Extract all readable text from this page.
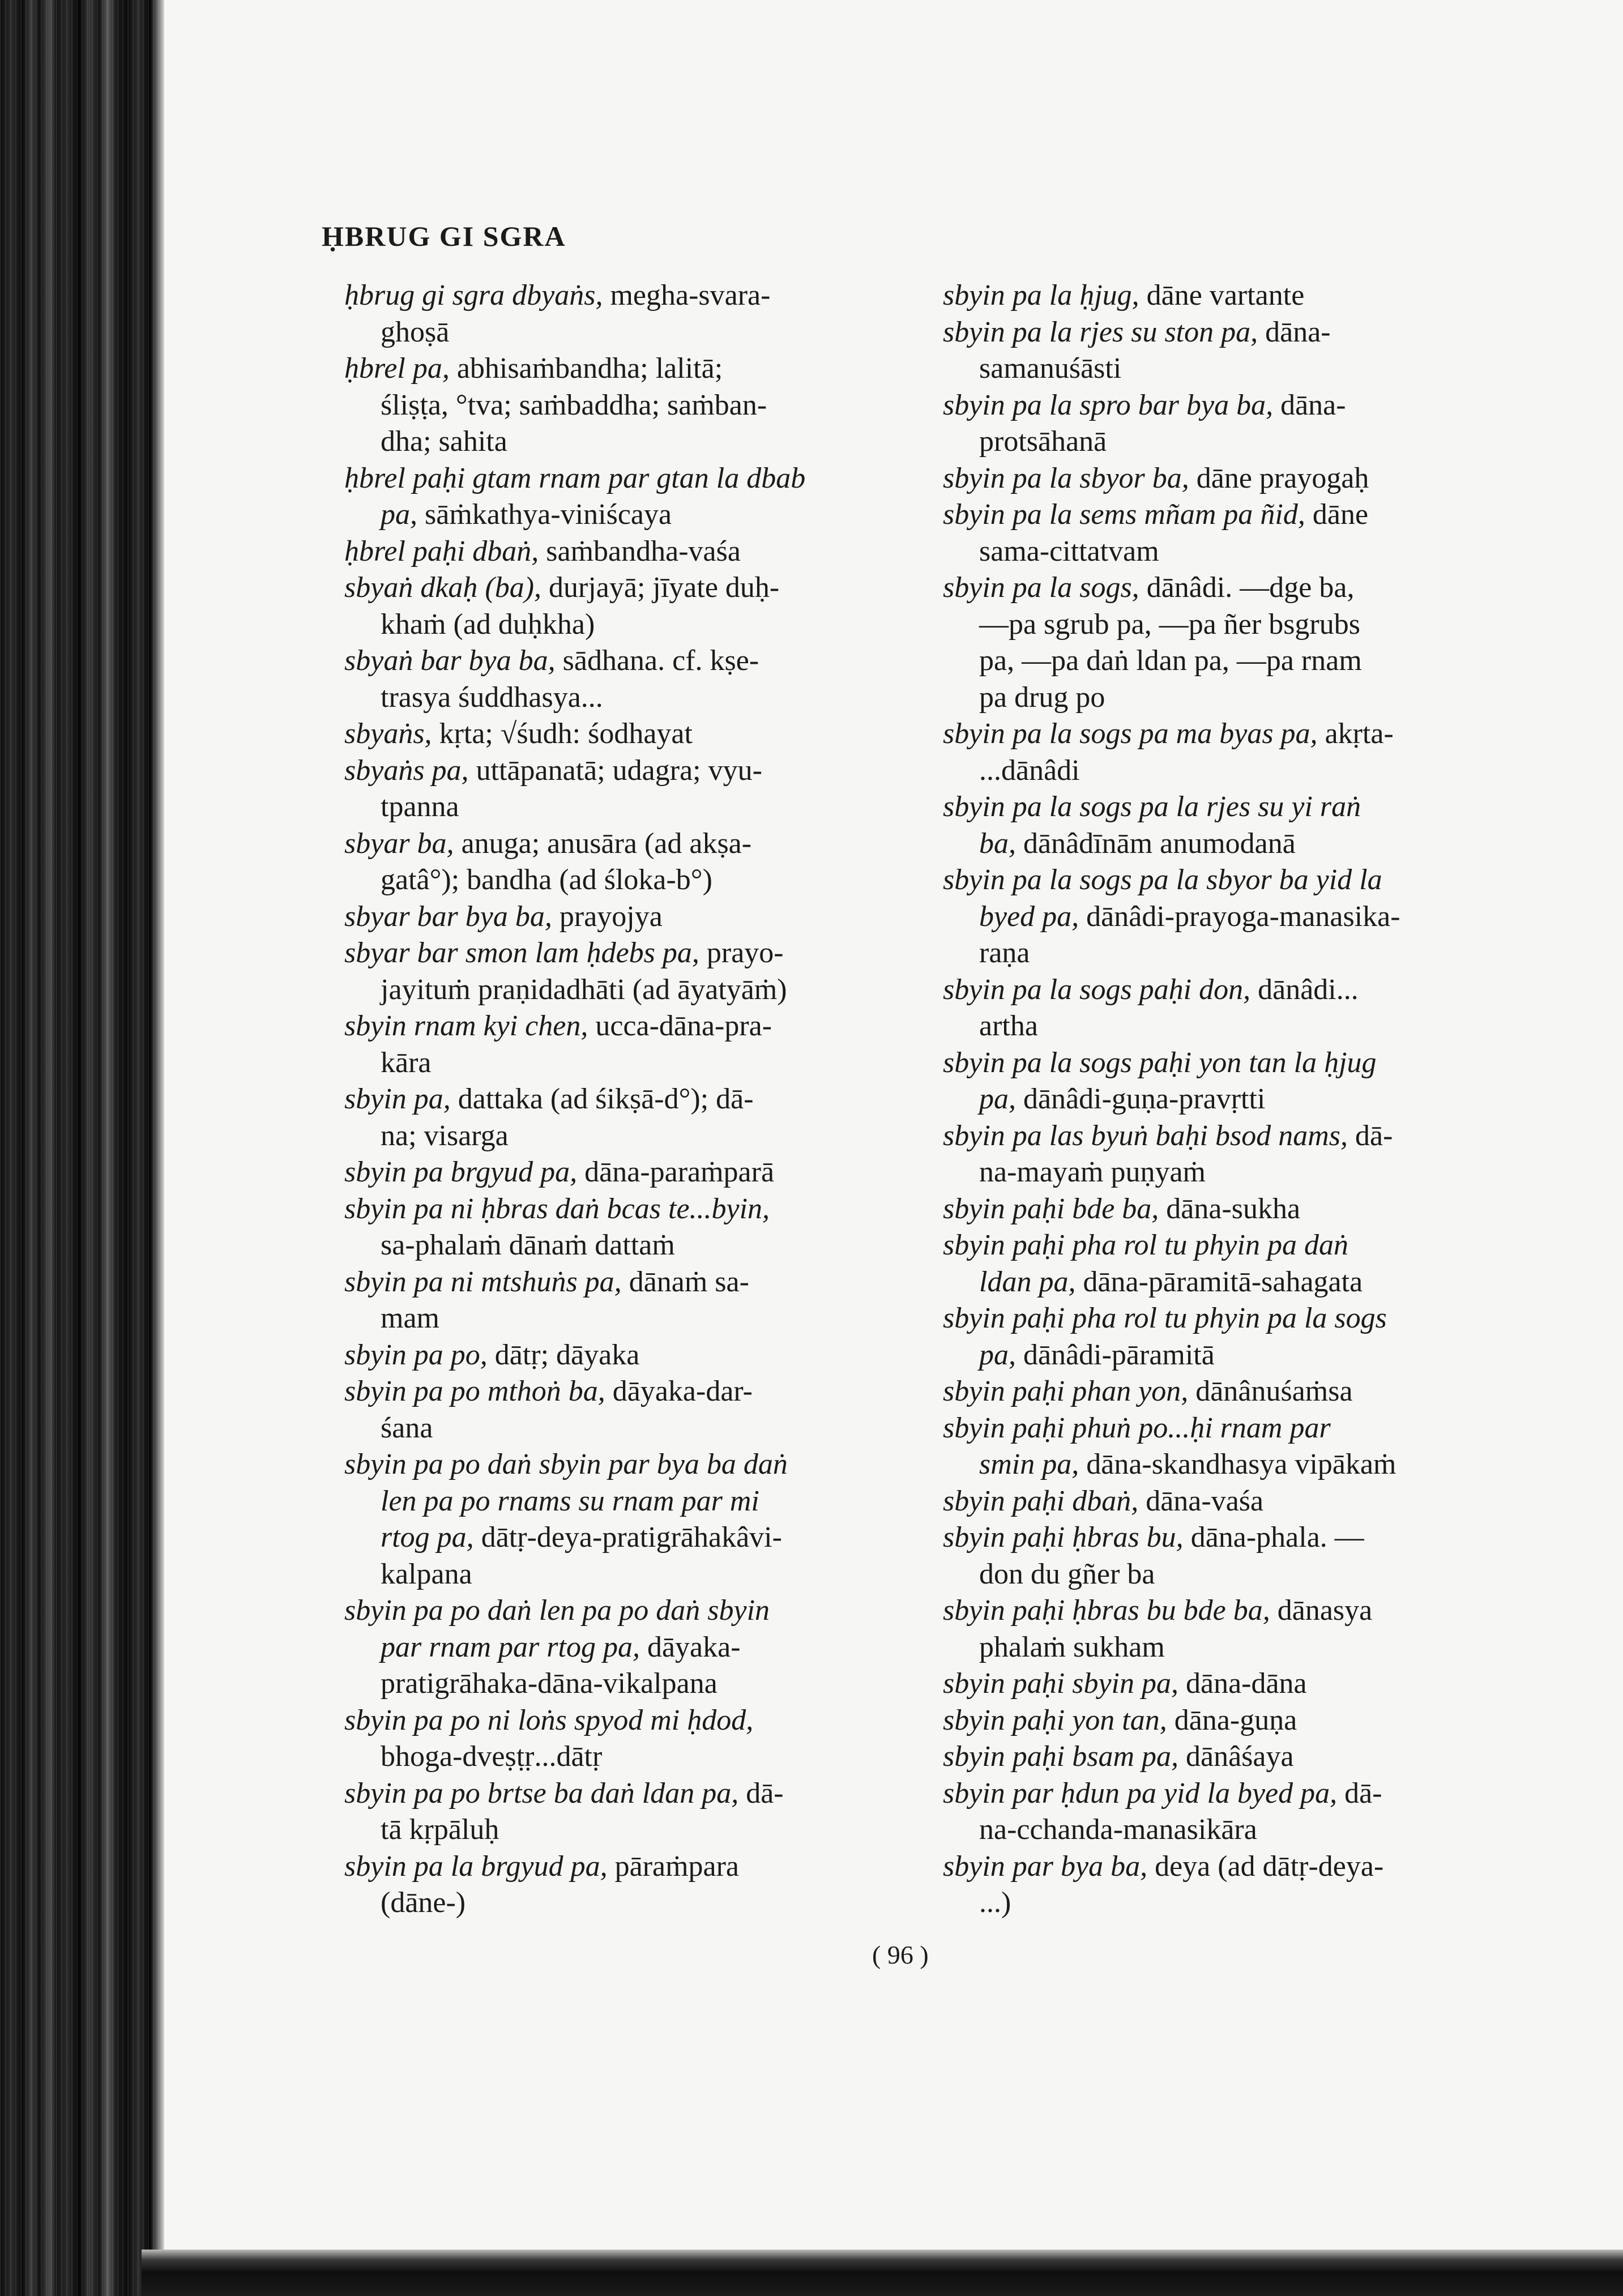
ḤBRUG GI SGRA
ḥbrug gi sgra dbyaṅs, megha-svara-
ghoṣā
ḥbrel pa, abhisaṁbandha; lalitā;
śliṣṭa, °tva; saṁbaddha; saṁban-
dha; sahita
ḥbrel paḥi gtam rnam par gtan la dbab
pa, sāṁkathya-viniścaya
ḥbrel paḥi dbaṅ, saṁbandha-vaśa
sbyaṅ dkaḥ (ba), durjayā; jīyate duḥ-
khaṁ (ad duḥkha)
sbyaṅ bar bya ba, sādhana. cf. kṣe-
trasya śuddhasya...
sbyaṅs, kṛta; √śudh: śodhayat
sbyaṅs pa, uttāpanatā; udagra; vyu-
tpanna
sbyar ba, anuga; anusāra (ad akṣa-
gatâ°); bandha (ad śloka-b°)
sbyar bar bya ba, prayojya
sbyar bar smon lam ḥdebs pa, prayo-
jayituṁ praṇidadhāti (ad āyatyāṁ)
sbyin rnam kyi chen, ucca-dāna-pra-
kāra
sbyin pa, dattaka (ad śikṣā-d°); dā-
na; visarga
sbyin pa brgyud pa, dāna-paraṁparā
sbyin pa ni ḥbras daṅ bcas te...byin,
sa-phalaṁ dānaṁ dattaṁ
sbyin pa ni mtshuṅs pa, dānaṁ sa-
mam
sbyin pa po, dātṛ; dāyaka
sbyin pa po mthoṅ ba, dāyaka-dar-
śana
sbyin pa po daṅ sbyin par bya ba daṅ
len pa po rnams su rnam par mi
rtog pa, dātṛ-deya-pratigrāhakâvi-
kalpana
sbyin pa po daṅ len pa po daṅ sbyin
par rnam par rtog pa, dāyaka-
pratigrāhaka-dāna-vikalpana
sbyin pa po ni loṅs spyod mi ḥdod,
bhoga-dveṣṭṛ...dātṛ
sbyin pa po brtse ba daṅ ldan pa, dā-
tā kṛpāluḥ
sbyin pa la brgyud pa, pāraṁpara
(dāne-)
sbyin pa la ḥjug, dāne vartante
sbyin pa la rjes su ston pa, dāna-
samanuśāsti
sbyin pa la spro bar bya ba, dāna-
protsāhanā
sbyin pa la sbyor ba, dāne prayogaḥ
sbyin pa la sems mñam pa ñid, dāne
sama-cittatvam
sbyin pa la sogs, dānâdi. —dge ba,
—pa sgrub pa, —pa ñer bsgrubs
pa, —pa daṅ ldan pa, —pa rnam
pa drug po
sbyin pa la sogs pa ma byas pa, akṛta-
...dānâdi
sbyin pa la sogs pa la rjes su yi raṅ
ba, dānâdīnām anumodanā
sbyin pa la sogs pa la sbyor ba yid la
byed pa, dānâdi-prayoga-manasika-
raṇa
sbyin pa la sogs paḥi don, dānâdi...
artha
sbyin pa la sogs paḥi yon tan la ḥjug
pa, dānâdi-guṇa-pravṛtti
sbyin pa las byuṅ baḥi bsod nams, dā-
na-mayaṁ puṇyaṁ
sbyin paḥi bde ba, dāna-sukha
sbyin paḥi pha rol tu phyin pa daṅ
ldan pa, dāna-pāramitā-sahagata
sbyin paḥi pha rol tu phyin pa la sogs
pa, dānâdi-pāramitā
sbyin paḥi phan yon, dānânuśaṁsa
sbyin paḥi phuṅ po...ḥi rnam par
smin pa, dāna-skandhasya vipākaṁ
sbyin paḥi dbaṅ, dāna-vaśa
sbyin paḥi ḥbras bu, dāna-phala. —
don du gñer ba
sbyin paḥi ḥbras bu bde ba, dānasya
phalaṁ sukham
sbyin paḥi sbyin pa, dāna-dāna
sbyin paḥi yon tan, dāna-guṇa
sbyin paḥi bsam pa, dānâśaya
sbyin par ḥdun pa yid la byed pa, dā-
na-cchanda-manasikāra
sbyin par bya ba, deya (ad dātṛ-deya-
...)
( 96 )
